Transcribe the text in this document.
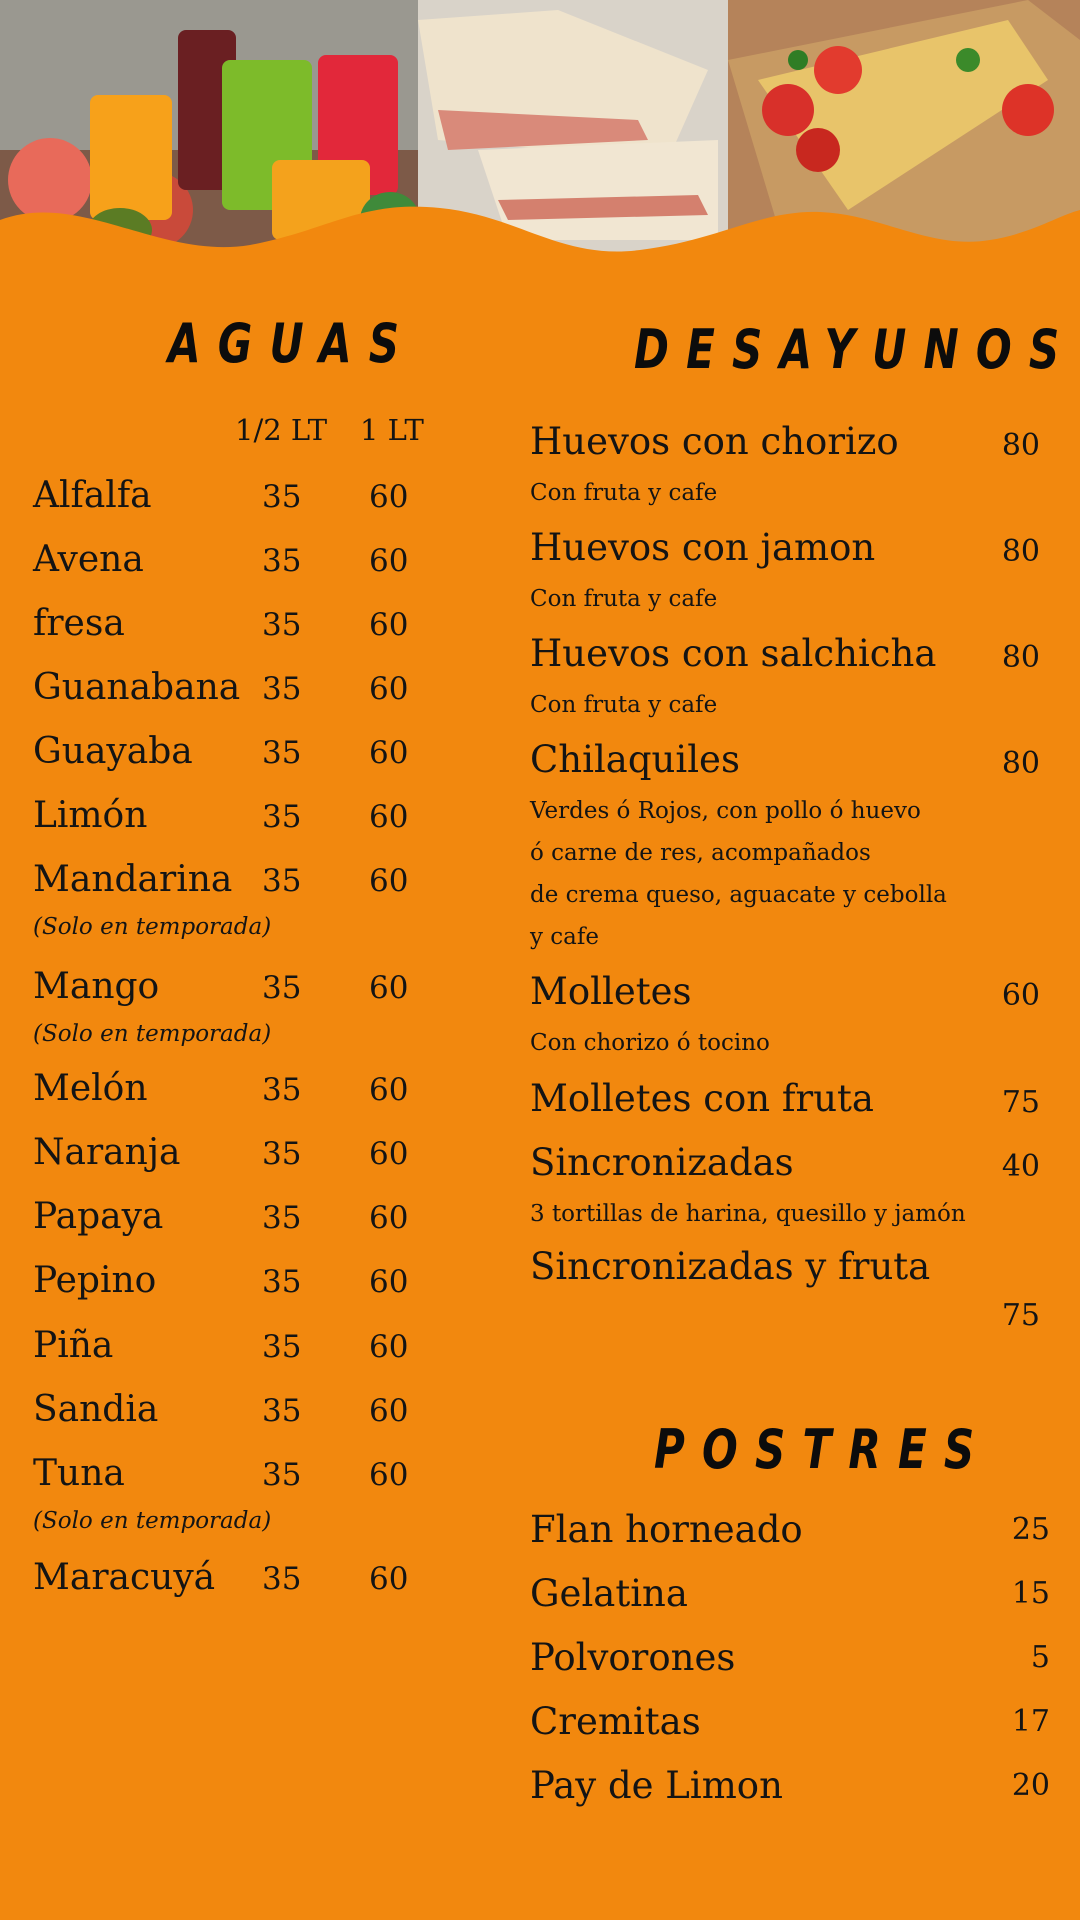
AGUAS
1/2 LT 1 LT
Alfalfa	35 60
Avena	35 60
fresa	35 60
Guanabana 35 60
Guayaba 35 60
Limón	35 60
Mandarina 35 60
(Solo en temporada)
Mango	35 60
(Solo en temporada)
Melón	35 60
Naranja	35 60
Papaya	35 60
Pepino	35 60
Piña	35 60
Sandia	35 60
Tuna	35 60
(Solo en temporada)
Maracuyá 35 60
DESAYUNOS
Huevos con chorizo	80
Con fruta y cafe
Huevos con jamon	80
Con fruta y cafe
Huevos con salchicha 80
Con fruta y cafe
Chilaquiles	80
Verdes ó Rojos, con pollo ó huevo
ó carne de res, acompañados
de crema queso, aguacate y cebolla
y cafe
Molletes	60
Con chorizo ó tocino
Molletes con fruta	75
Sincronizadas	40
3 tortillas de harina, quesillo y jamón
Sincronizadas y fruta
75
POSTRES
Flan horneado	25
Gelatina	15
Polvorones	5
Cremitas	17
Pay de Limon	20
